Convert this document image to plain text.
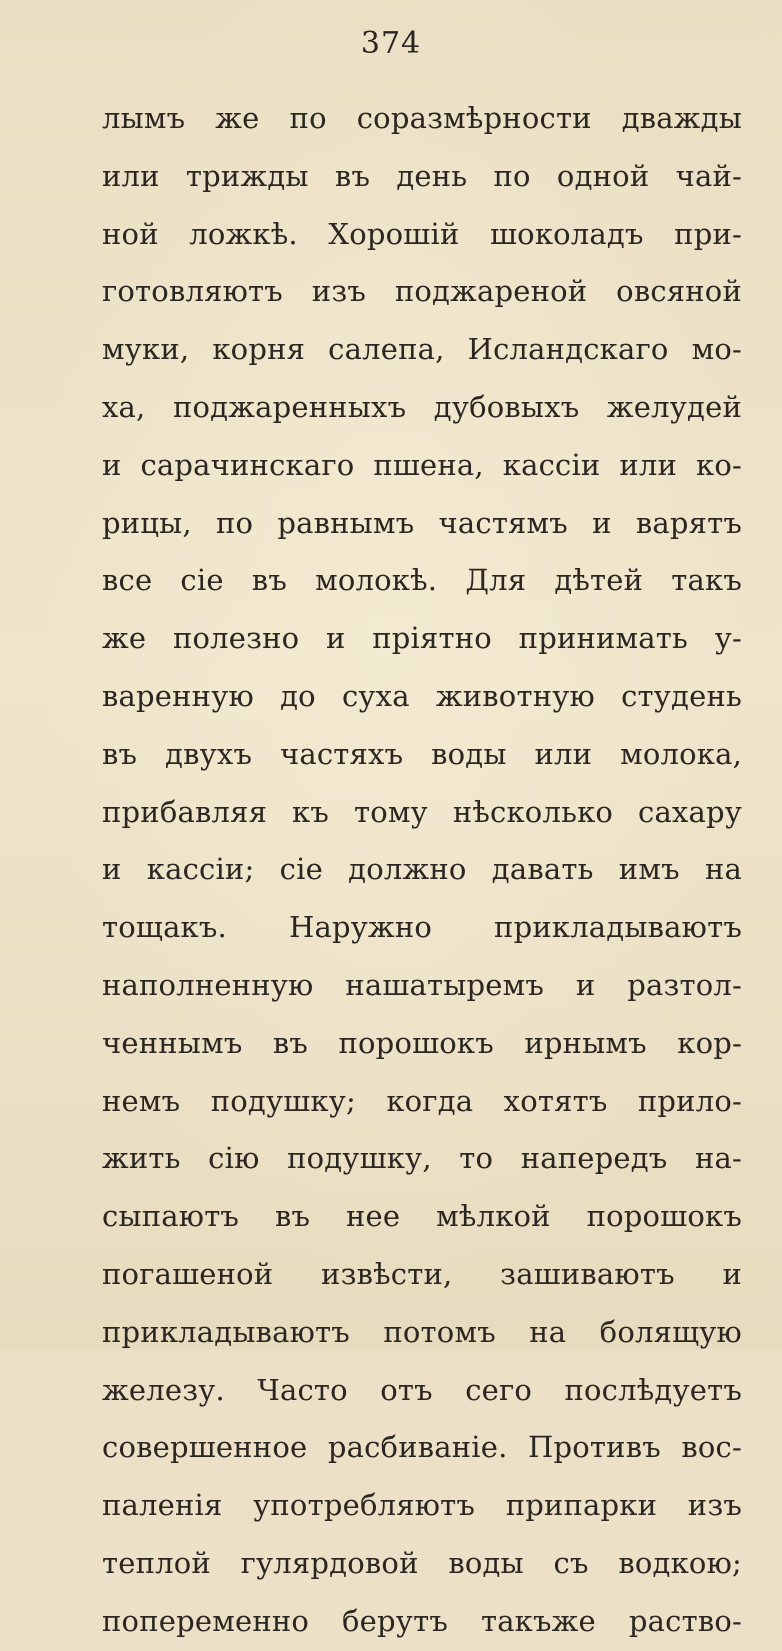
374
лымъ же по соразмѣрности дважды
или трижды въ день по одной чай-
ной ложкѣ. Хорошій шоколадъ при-
готовляютъ изъ поджареной овсяной
муки, корня салепа, Исландскаго мо-
ха, поджаренныхъ дубовыхъ желудей
и сарачинскаго пшена, кассіи или ко-
рицы, по равнымъ частямъ и варятъ
все сіе въ молокѣ. Для дѣтей такъ
же полезно и пріятно принимать у-
варенную до суха животную студень
въ двухъ частяхъ воды или молока,
прибавляя къ тому нѣсколько сахару
и кассіи; сіе должно давать имъ на
тощакъ. Наружно прикладываютъ
наполненную нашатыремъ и разтол-
ченнымъ въ порошокъ ирнымъ кор-
немъ подушку; когда хотятъ прило-
жить сію подушку, то напередъ на-
сыпаютъ въ нее мѣлкой порошокъ
погашеной извѣсти, зашиваютъ и
прикладываютъ потомъ на болящую
железу. Часто отъ сего послѣдуетъ
совершенное расбиваніе. Противъ вос-
паленія употребляютъ припарки изъ
теплой гулярдовой воды съ водкою;
попеременно берутъ такъже раство-
